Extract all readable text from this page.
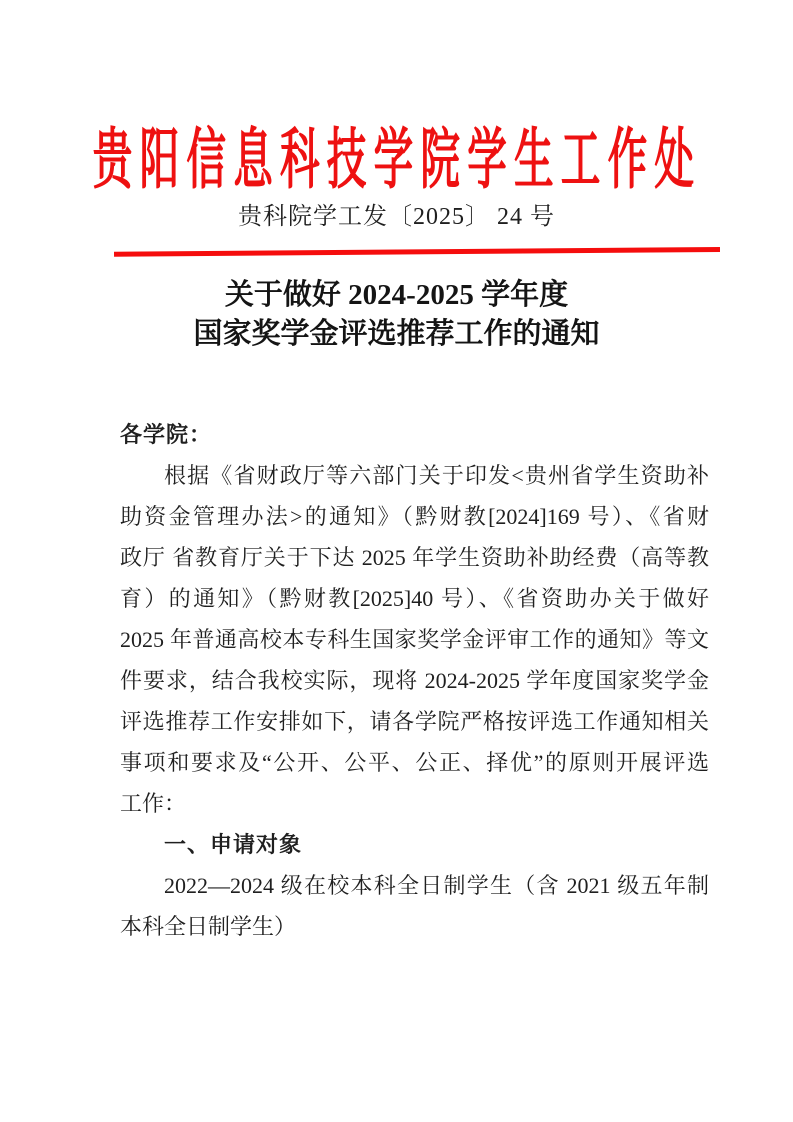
贵阳信息科技学院学生工作处
贵科院学工发〔2025〕 24 号
关于做好 2024-2025 学年度
国家奖学金评选推荐工作的通知
各学院：
根据《省财政厅等六部门关于印发<贵州省学生资助补
助资金管理办法>的通知》（黔财教[2024]169 号）、《省财
政厅 省教育厅关于下达 2025 年学生资助补助经费（高等教
育）的通知》（黔财教[2025]40 号）、《省资助办关于做好
2025 年普通高校本专科生国家奖学金评审工作的通知》等文
件要求，结合我校实际，现将 2024-2025 学年度国家奖学金
评选推荐工作安排如下，请各学院严格按评选工作通知相关
事项和要求及“公开、公平、公正、择优”的原则开展评选
工作：
一、申请对象
2022—2024 级在校本科全日制学生（含 2021 级五年制
本科全日制学生）
